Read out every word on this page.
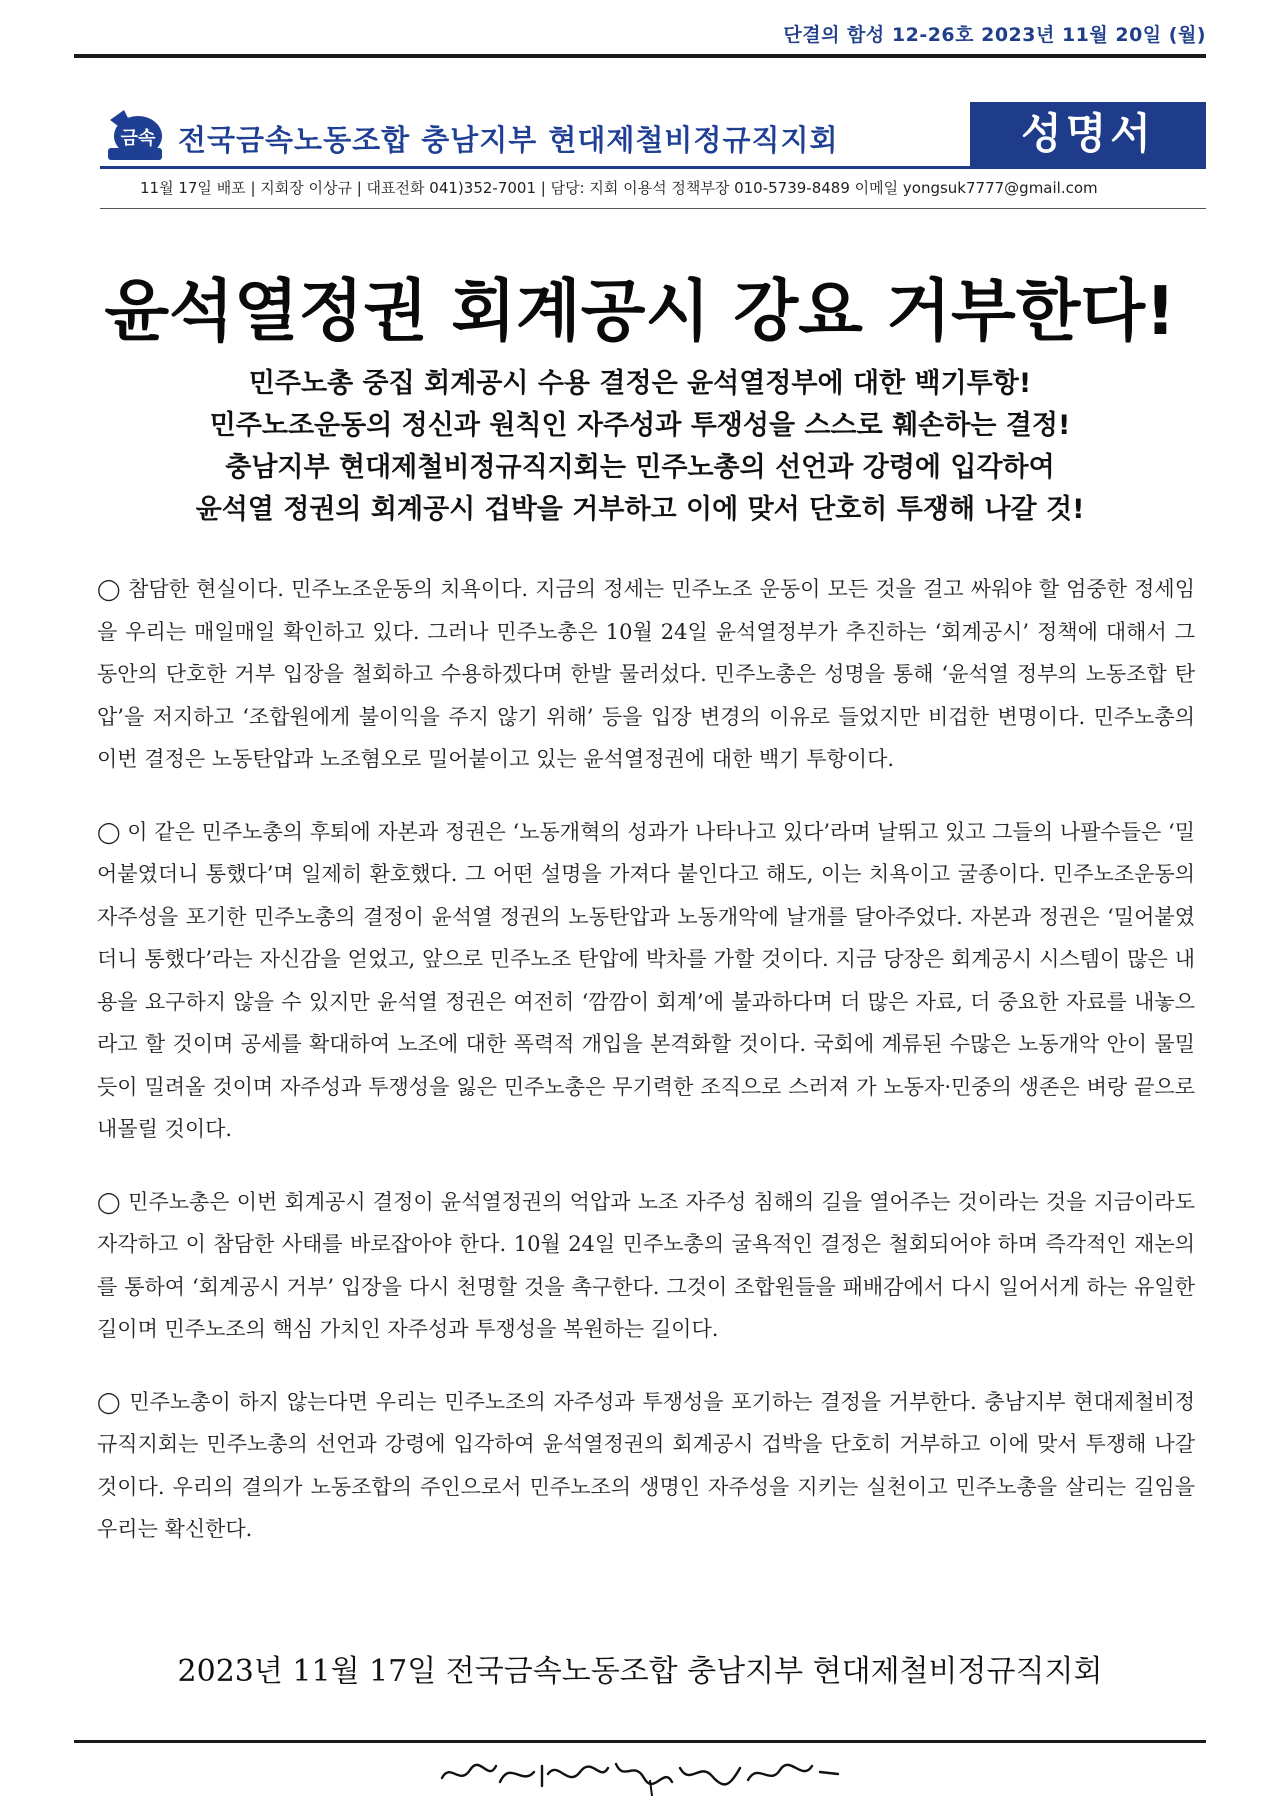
단결의 함성 12-26호 2023년 11월 20일 (월)
금속 전국금속노동조합 충남지부 현대제철비정규직지회	성명서
11월 17일 배포 | 지회장 이상규 | 대표전화 041)352-7001 | 담당: 지회 이용석 정책부장 010-5739-8489 이메일 yongsuk7777@gmail.com
윤석열정권 회계공시 강요 거부한다!
민주노총 중집 회계공시 수용 결정은 윤석열정부에 대한 백기투항!
민주노조운동의 정신과 원칙인 자주성과 투쟁성을 스스로 훼손하는 결정!
충남지부 현대제철비정규직지회는 민주노총의 선언과 강령에 입각하여
윤석열 정권의 회계공시 겁박을 거부하고 이에 맞서 단호히 투쟁해 나갈 것!

◯ 참담한 현실이다. 민주노조운동의 치욕이다. 지금의 정세는 민주노조 운동이 모든 것을 걸고 싸워야 할 엄중한 정세임을 우리는 매일매일 확인하고 있다. 그러나 민주노총은 10월 24일 윤석열정부가 추진하는 ‘회계공시’ 정책에 대해서 그동안의 단호한 거부 입장을 철회하고 수용하겠다며 한발 물러섰다. 민주노총은 성명을 통해 ‘윤석열 정부의 노동조합 탄압’을 저지하고 ‘조합원에게 불이익을 주지 않기 위해’ 등을 입장 변경의 이유로 들었지만 비겁한 변명이다. 민주노총의 이번 결정은 노동탄압과 노조혐오로 밀어붙이고 있는 윤석열정권에 대한 백기 투항이다.

◯ 이 같은 민주노총의 후퇴에 자본과 정권은 ‘노동개혁의 성과가 나타나고 있다’라며 날뛰고 있고 그들의 나팔수들은 ‘밀어붙였더니 통했다’며 일제히 환호했다. 그 어떤 설명을 가져다 붙인다고 해도, 이는 치욕이고 굴종이다. 민주노조운동의 자주성을 포기한 민주노총의 결정이 윤석열 정권의 노동탄압과 노동개악에 날개를 달아주었다. 자본과 정권은 ‘밀어붙였더니 통했다’라는 자신감을 얻었고, 앞으로 민주노조 탄압에 박차를 가할 것이다. 지금 당장은 회계공시 시스템이 많은 내용을 요구하지 않을 수 있지만 윤석열 정권은 여전히 ‘깜깜이 회계’에 불과하다며 더 많은 자료, 더 중요한 자료를 내놓으라고 할 것이며 공세를 확대하여 노조에 대한 폭력적 개입을 본격화할 것이다. 국회에 계류된 수많은 노동개악 안이 물밀 듯이 밀려올 것이며 자주성과 투쟁성을 잃은 민주노총은 무기력한 조직으로 스러져 가 노동자·민중의 생존은 벼랑 끝으로 내몰릴 것이다.

◯ 민주노총은 이번 회계공시 결정이 윤석열정권의 억압과 노조 자주성 침해의 길을 열어주는 것이라는 것을 지금이라도 자각하고 이 참담한 사태를 바로잡아야 한다. 10월 24일 민주노총의 굴욕적인 결정은 철회되어야 하며 즉각적인 재논의를 통하여 ‘회계공시 거부’ 입장을 다시 천명할 것을 촉구한다. 그것이 조합원들을 패배감에서 다시 일어서게 하는 유일한 길이며 민주노조의 핵심 가치인 자주성과 투쟁성을 복원하는 길이다.

◯ 민주노총이 하지 않는다면 우리는 민주노조의 자주성과 투쟁성을 포기하는 결정을 거부한다. 충남지부 현대제철비정규직지회는 민주노총의 선언과 강령에 입각하여 윤석열정권의 회계공시 겁박을 단호히 거부하고 이에 맞서 투쟁해 나갈 것이다. 우리의 결의가 노동조합의 주인으로서 민주노조의 생명인 자주성을 지키는 실천이고 민주노총을 살리는 길임을 우리는 확신한다.

2023년 11월 17일 전국금속노동조합 충남지부 현대제철비정규직지회
